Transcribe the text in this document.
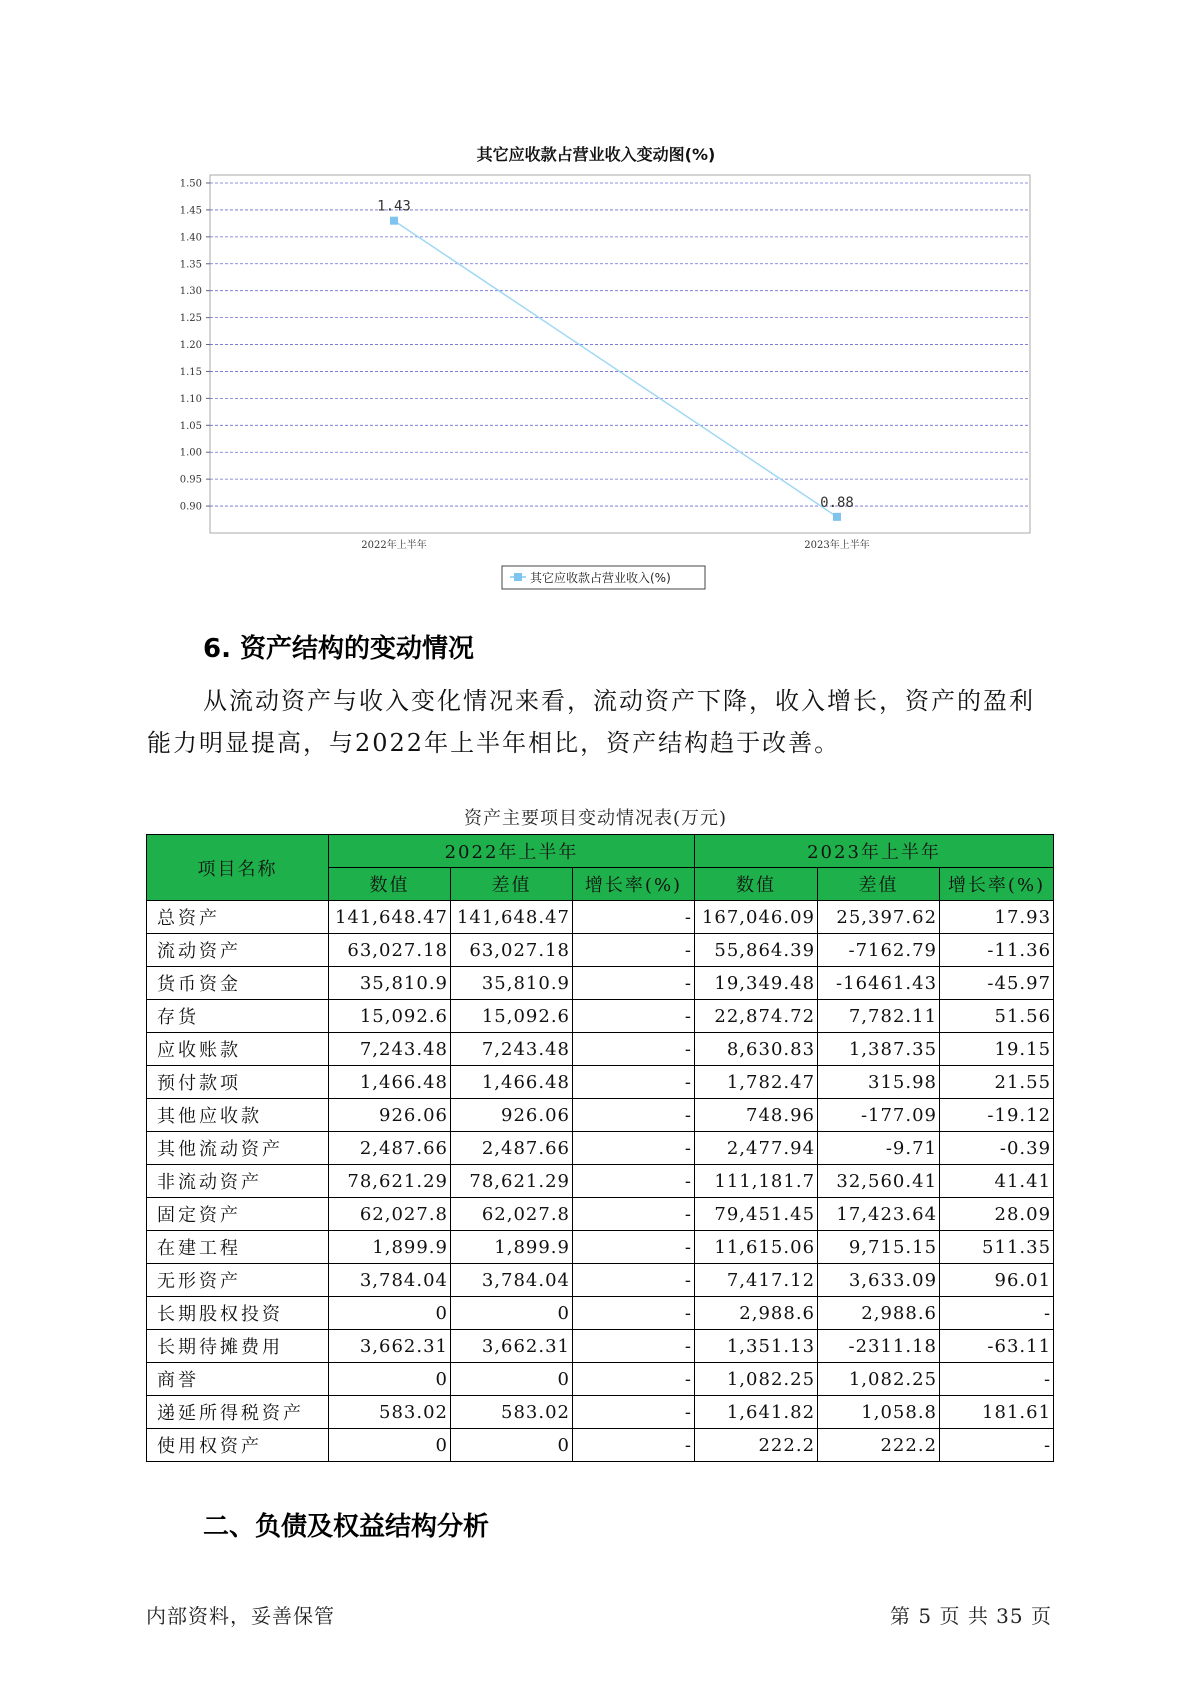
其它应收款占营业收入变动图(%)
1.50
1.45
1.40
1.35
1.30
1.25
1.20
1.15
1.10
1.05
1.00
0.95
0.90
2022年上半年	2023年上半年
1.43
0.88
其它应收款占营业收入(%)
6. 资产结构的变动情况

从流动资产与收入变化情况来看，流动资产下降，收入增长，资产的盈利能力明显提高，与2022年上半年相比，资产结构趋于改善。

资产主要项目变动情况表(万元)
项目名称	2022年上半年			2023年上半年		
	数值	差值	增长率(%)	数值	差值	增长率(%)
总资产	141,648.47	141,648.47	-	167,046.09	25,397.62	17.93
流动资产	63,027.18	63,027.18	-	55,864.39	-7162.79	-11.36
货币资金	35,810.9	35,810.9	-	19,349.48	-16461.43	-45.97
存货	15,092.6	15,092.6	-	22,874.72	7,782.11	51.56
应收账款	7,243.48	7,243.48	-	8,630.83	1,387.35	19.15
预付款项	1,466.48	1,466.48	-	1,782.47	315.98	21.55
其他应收款	926.06	926.06	-	748.96	-177.09	-19.12
其他流动资产	2,487.66	2,487.66	-	2,477.94	-9.71	-0.39
非流动资产	78,621.29	78,621.29	-	111,181.7	32,560.41	41.41
固定资产	62,027.8	62,027.8	-	79,451.45	17,423.64	28.09
在建工程	1,899.9	1,899.9	-	11,615.06	9,715.15	511.35
无形资产	3,784.04	3,784.04	-	7,417.12	3,633.09	96.01
长期股权投资	0	0	-	2,988.6	2,988.6	-
长期待摊费用	3,662.31	3,662.31	-	1,351.13	-2311.18	-63.11
商誉	0	0	-	1,082.25	1,082.25	-
递延所得税资产	583.02	583.02	-	1,641.82	1,058.8	181.61
使用权资产	0	0	-	222.2	222.2	-
二、负债及权益结构分析
内部资料，妥善保管	第 5 页 共 35 页
